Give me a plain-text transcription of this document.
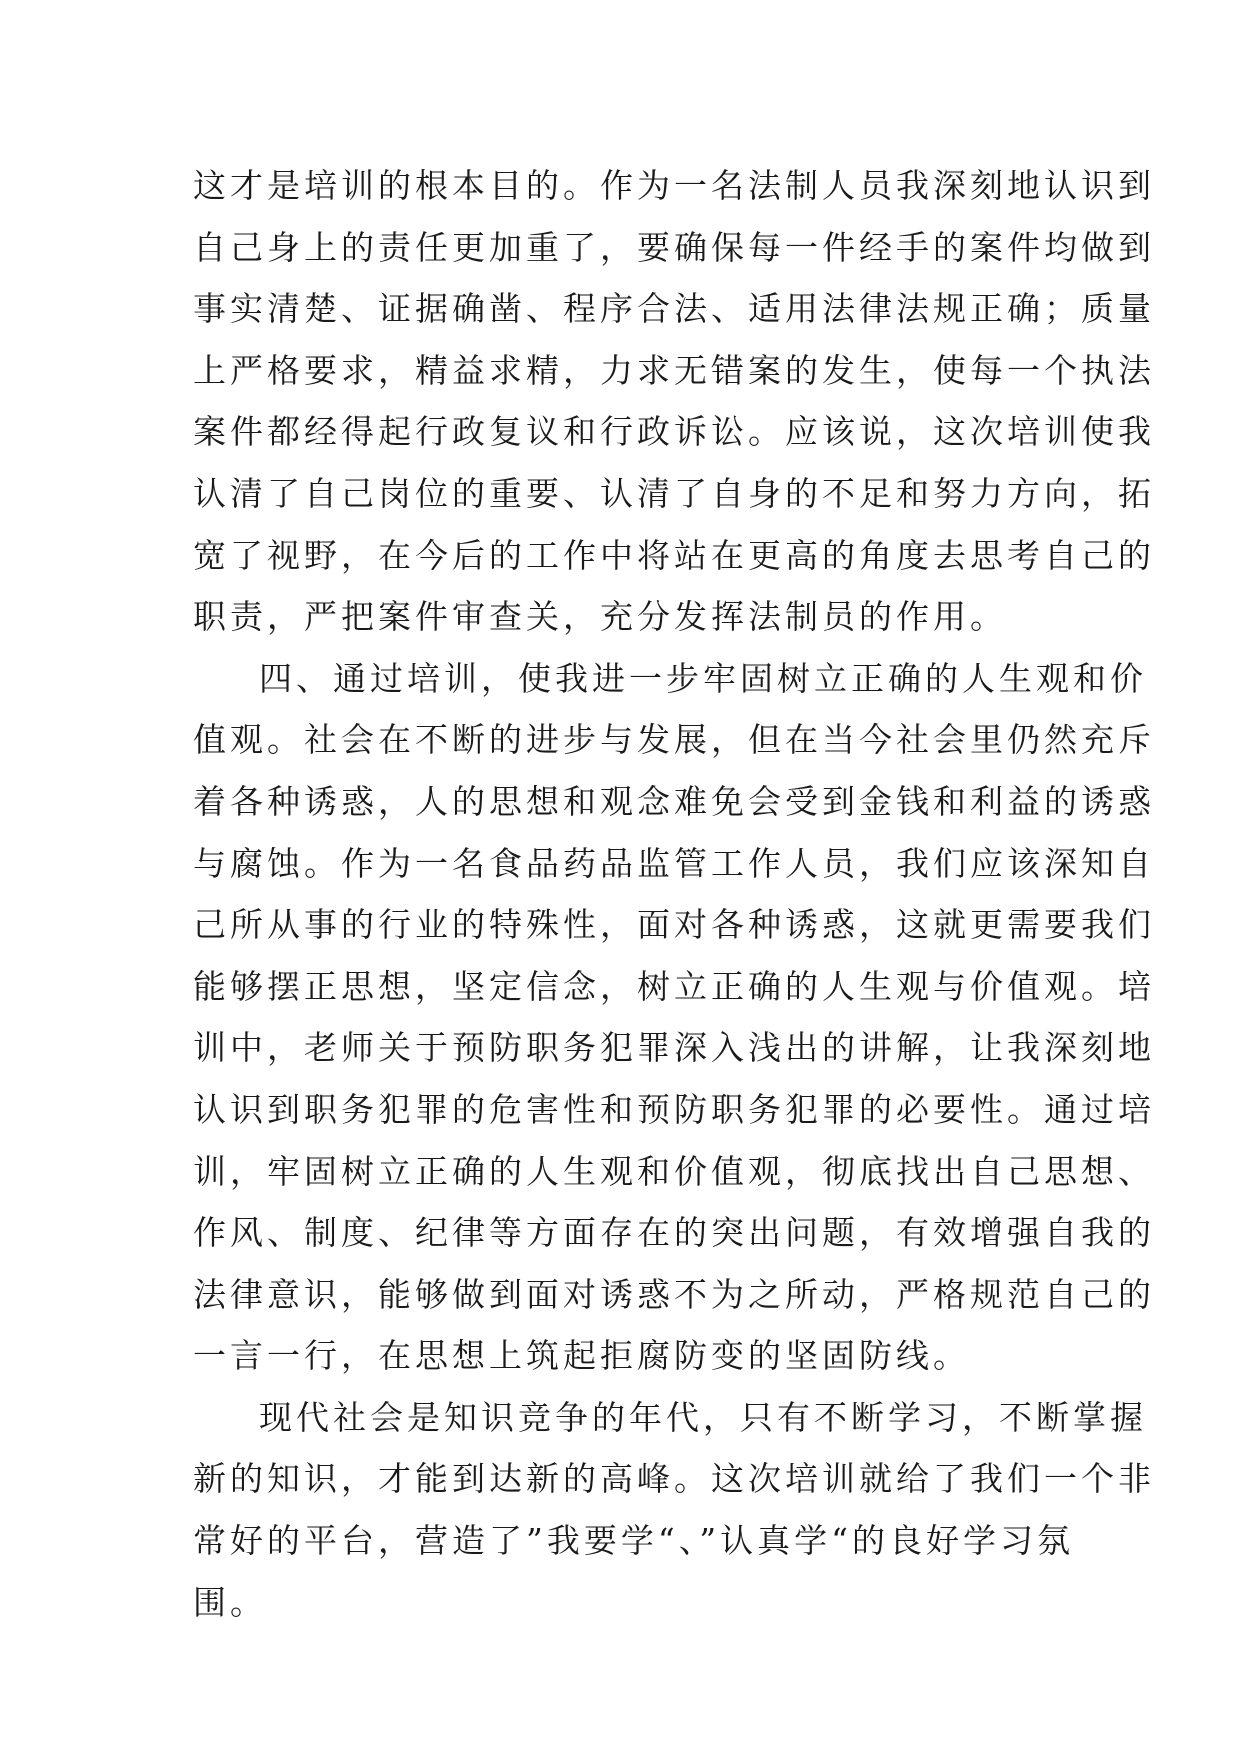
这才是培训的根本目的。作为一名法制人员我深刻地认识到
自己身上的责任更加重了，要确保每一件经手的案件均做到
事实清楚、证据确凿、程序合法、适用法律法规正确；质量
上严格要求，精益求精，力求无错案的发生，使每一个执法
案件都经得起行政复议和行政诉讼。应该说，这次培训使我
认清了自己岗位的重要、认清了自身的不足和努力方向，拓
宽了视野，在今后的工作中将站在更高的角度去思考自己的
职责，严把案件审查关，充分发挥法制员的作用。
四、通过培训，使我进一步牢固树立正确的人生观和价
值观。社会在不断的进步与发展，但在当今社会里仍然充斥
着各种诱惑，人的思想和观念难免会受到金钱和利益的诱惑
与腐蚀。作为一名食品药品监管工作人员，我们应该深知自
己所从事的行业的特殊性，面对各种诱惑，这就更需要我们
能够摆正思想，坚定信念，树立正确的人生观与价值观。培
训中，老师关于预防职务犯罪深入浅出的讲解，让我深刻地
认识到职务犯罪的危害性和预防职务犯罪的必要性。通过培
训，牢固树立正确的人生观和价值观，彻底找出自己思想、
作风、制度、纪律等方面存在的突出问题，有效增强自我的
法律意识，能够做到面对诱惑不为之所动，严格规范自己的
一言一行，在思想上筑起拒腐防变的坚固防线。
现代社会是知识竞争的年代，只有不断学习，不断掌握
新的知识，才能到达新的高峰。这次培训就给了我们一个非
常好的平台，营造了”我要学“、”认真学“的良好学习氛
围。
